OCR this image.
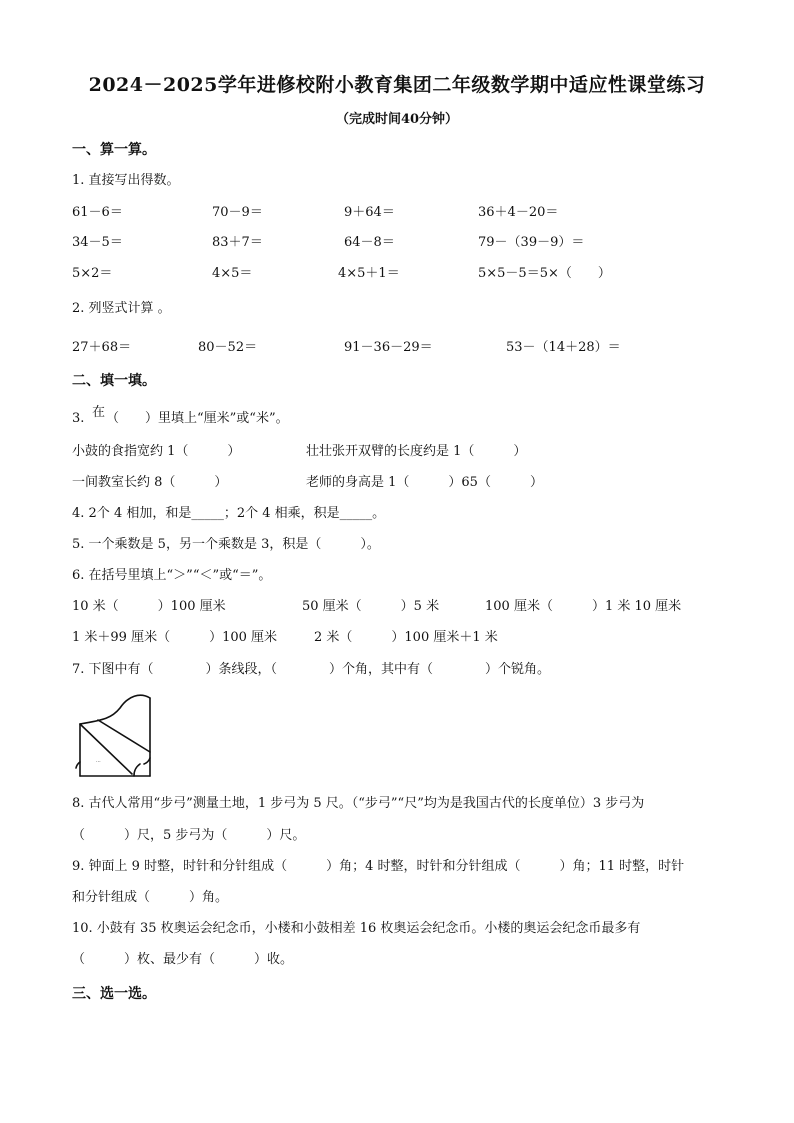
2024－2025学年进修校附小教育集团二年级数学期中适应性课堂练习
（完成时间40分钟）
一、算一算。
1. 直接写出得数。
61－6＝	70－9＝	9＋64＝	36＋4－20＝
34－5＝	83＋7＝	64－8＝	79－（39－9）＝
5×2＝	4×5＝	4×5＋1＝	5×5－5＝5×（　　）
2. 列竖式计算 。
27＋68＝	80－52＝	91－36－29＝	53－（14＋28）＝
二、填一填。
3. 在 （　　）里填上“厘米”或“米”。
小鼓的食指宽约 1（　　　）	壮壮张开双臂的长度约是 1（　　　）
一间教室长约 8（　　　）	老师的身高是 1（　　　）65（　　　）
4. 2个 4 相加，和是_____；2个 4 相乘，积是_____。
5. 一个乘数是 5，另一个乘数是 3，积是（　　　）。
6. 在括号里填上“＞”“＜”或“＝”。
10 米（　　　）100 厘米	50 厘米（　　　）5 米	100 厘米（　　　）1 米 10 厘米
1 米＋99 厘米（　　　）100 厘米	2 米（　　　）100 厘米＋1 米
7. 下图中有（　　　　）条线段，（　　　　）个角，其中有（　　　　）个锐角。
...
8. 古代人常用“步弓”测量土地，1 步弓为 5 尺。（“步弓”“尺”均为是我国古代的长度单位）3 步弓为
（　　　）尺，5 步弓为（　　　）尺。
9. 钟面上 9 时整，时针和分针组成（　　　）角；4 时整，时针和分针组成（　　　）角；11 时整，时针
和分针组成（　　　）角。
10. 小鼓有 35 枚奥运会纪念币，小楼和小鼓相差 16 枚奥运会纪念币。小楼的奥运会纪念币最多有
（　　　）枚、最少有（　　　）收。
三、选一选。
